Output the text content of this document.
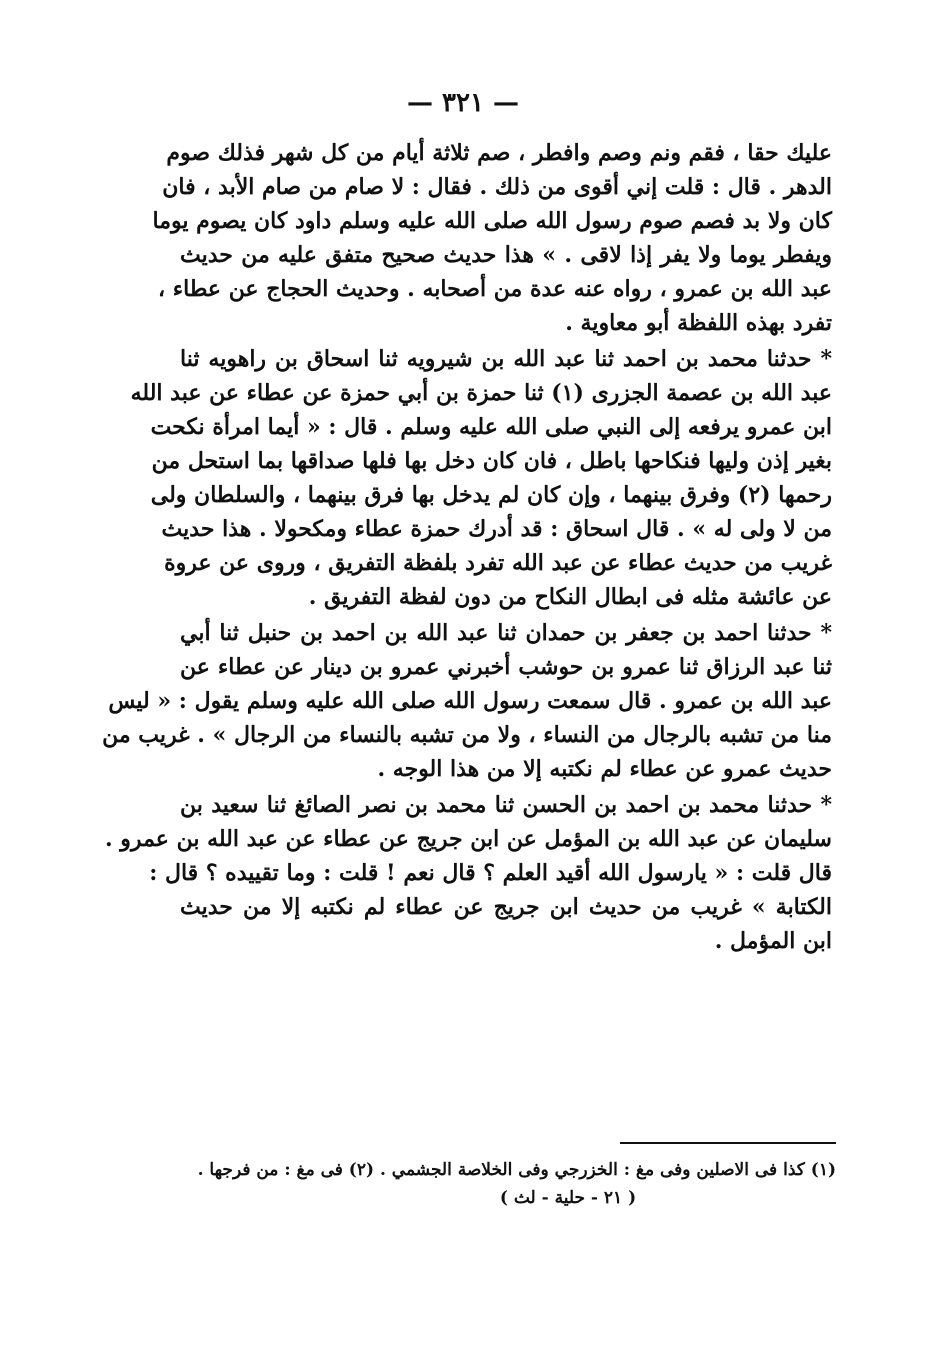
— ٣٢١ —
عليك حقا ، فقم ونم وصم وافطر ، صم ثلاثة أيام من كل شهر فذلك صوم
الدهر . قال : قلت إني أقوى من ذلك . فقال : لا صام من صام الأبد ، فان
كان ولا بد فصم صوم رسول الله صلى الله عليه وسلم داود كان يصوم يوما
ويفطر يوما ولا يفر إذا لاقى . » هذا حديث صحيح متفق عليه من حديث
عبد الله بن عمرو ، رواه عنه عدة من أصحابه . وحديث الحجاج عن عطاء ،
تفرد بهذه اللفظة أبو معاوية .
* حدثنا محمد بن احمد ثنا عبد الله بن شيرويه ثنا اسحاق بن راهويه ثنا
عبد الله بن عصمة الجزرى (١) ثنا حمزة بن أبي حمزة عن عطاء عن عبد الله
ابن عمرو يرفعه إلى النبي صلى الله عليه وسلم . قال : « أيما امرأة نكحت
بغير إذن وليها فنكاحها باطل ، فان كان دخل بها فلها صداقها بما استحل من
رحمها (٢) وفرق بينهما ، وإن كان لم يدخل بها فرق بينهما ، والسلطان ولى
من لا ولى له » . قال اسحاق : قد أدرك حمزة عطاء ومكحولا . هذا حديث
غريب من حديث عطاء عن عبد الله تفرد بلفظة التفريق ، وروى عن عروة
عن عائشة مثله فى ابطال النكاح من دون لفظة التفريق .
* حدثنا احمد بن جعفر بن حمدان ثنا عبد الله بن احمد بن حنبل ثنا أبي
ثنا عبد الرزاق ثنا عمرو بن حوشب أخبرني عمرو بن دينار عن عطاء عن
عبد الله بن عمرو . قال سمعت رسول الله صلى الله عليه وسلم يقول : « ليس
منا من تشبه بالرجال من النساء ، ولا من تشبه بالنساء من الرجال » . غريب من
حديث عمرو عن عطاء لم نكتبه إلا من هذا الوجه .
* حدثنا محمد بن احمد بن الحسن ثنا محمد بن نصر الصائغ ثنا سعيد بن
سليمان عن عبد الله بن المؤمل عن ابن جريج عن عطاء عن عبد الله بن عمرو .
قال قلت : « يارسول الله أقيد العلم ؟ قال نعم ! قلت : وما تقييده ؟ قال :
الكتابة » غريب من حديث ابن جريج عن عطاء لم نكتبه إلا من حديث
ابن المؤمل .
(١) كذا فى الاصلين وفى مغ : الخزرجي وفى الخلاصة الجشمي . (٢) فى مغ : من فرجها .
( ٢١ - حلية - لث )
